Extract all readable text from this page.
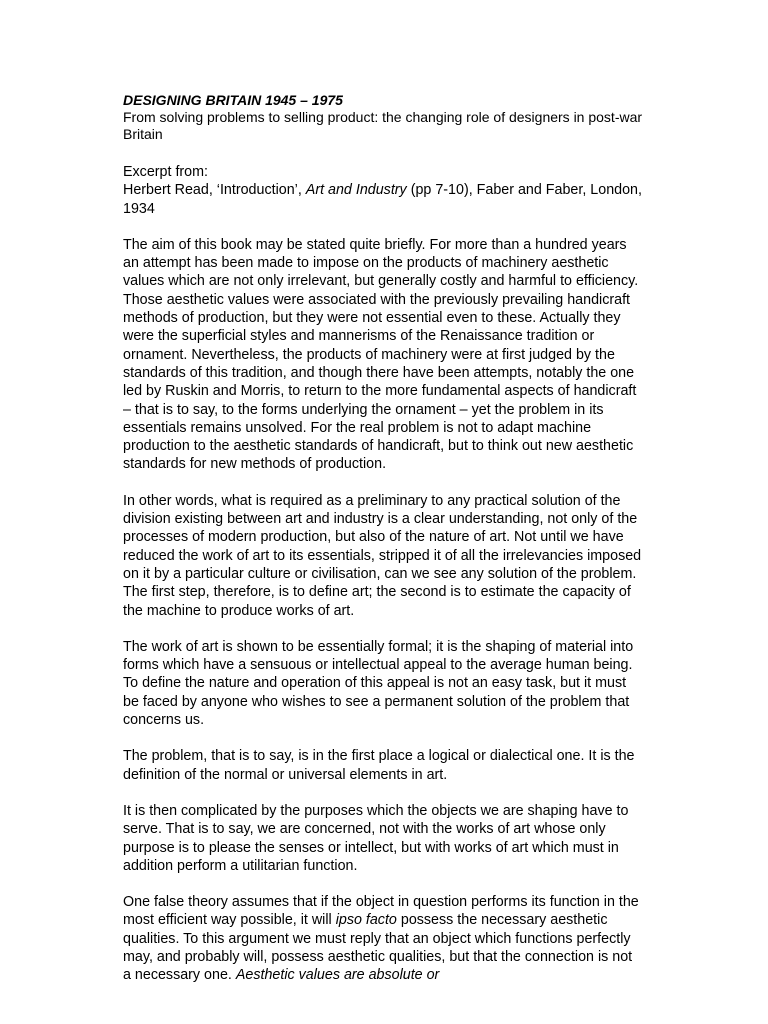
DESIGNING BRITAIN 1945 – 1975

From solving problems to selling product: the changing role of designers in post-war Britain

Excerpt from:

Herbert Read, ‘Introduction’, Art and Industry (pp 7-10), Faber and Faber, London, 1934

The aim of this book may be stated quite briefly. For more than a hundred years an attempt has been made to impose on the products of machinery aesthetic values which are not only irrelevant, but generally costly and harmful to efficiency. Those aesthetic values were associated with the previously prevailing handicraft methods of production, but they were not essential even to these. Actually they were the superficial styles and mannerisms of the Renaissance tradition or ornament. Nevertheless, the products of machinery were at first judged by the standards of this tradition, and though there have been attempts, notably the one led by Ruskin and Morris, to return to the more fundamental aspects of handicraft – that is to say, to the forms underlying the ornament – yet the problem in its essentials remains unsolved. For the real problem is not to adapt machine production to the aesthetic standards of handicraft, but to think out new aesthetic standards for new methods of production.

In other words, what is required as a preliminary to any practical solution of the division existing between art and industry is a clear understanding, not only of the processes of modern production, but also of the nature of art. Not until we have reduced the work of art to its essentials, stripped it of all the irrelevancies imposed on it by a particular culture or civilisation, can we see any solution of the problem. The first step, therefore, is to define art; the second is to estimate the capacity of the machine to produce works of art.

The work of art is shown to be essentially formal; it is the shaping of material into forms which have a sensuous or intellectual appeal to the average human being. To define the nature and operation of this appeal is not an easy task, but it must be faced by anyone who wishes to see a permanent solution of the problem that concerns us.

The problem, that is to say, is in the first place a logical or dialectical one. It is the definition of the normal or universal elements in art.

It is then complicated by the purposes which the objects we are shaping have to serve. That is to say, we are concerned, not with the works of art whose only purpose is to please the senses or intellect, but with works of art which must in addition perform a utilitarian function.

One false theory assumes that if the object in question performs its function in the most efficient way possible, it will ipso facto possess the necessary aesthetic qualities. To this argument we must reply that an object which functions perfectly may, and probably will, possess aesthetic qualities, but that the connection is not a necessary one. Aesthetic values are absolute or
